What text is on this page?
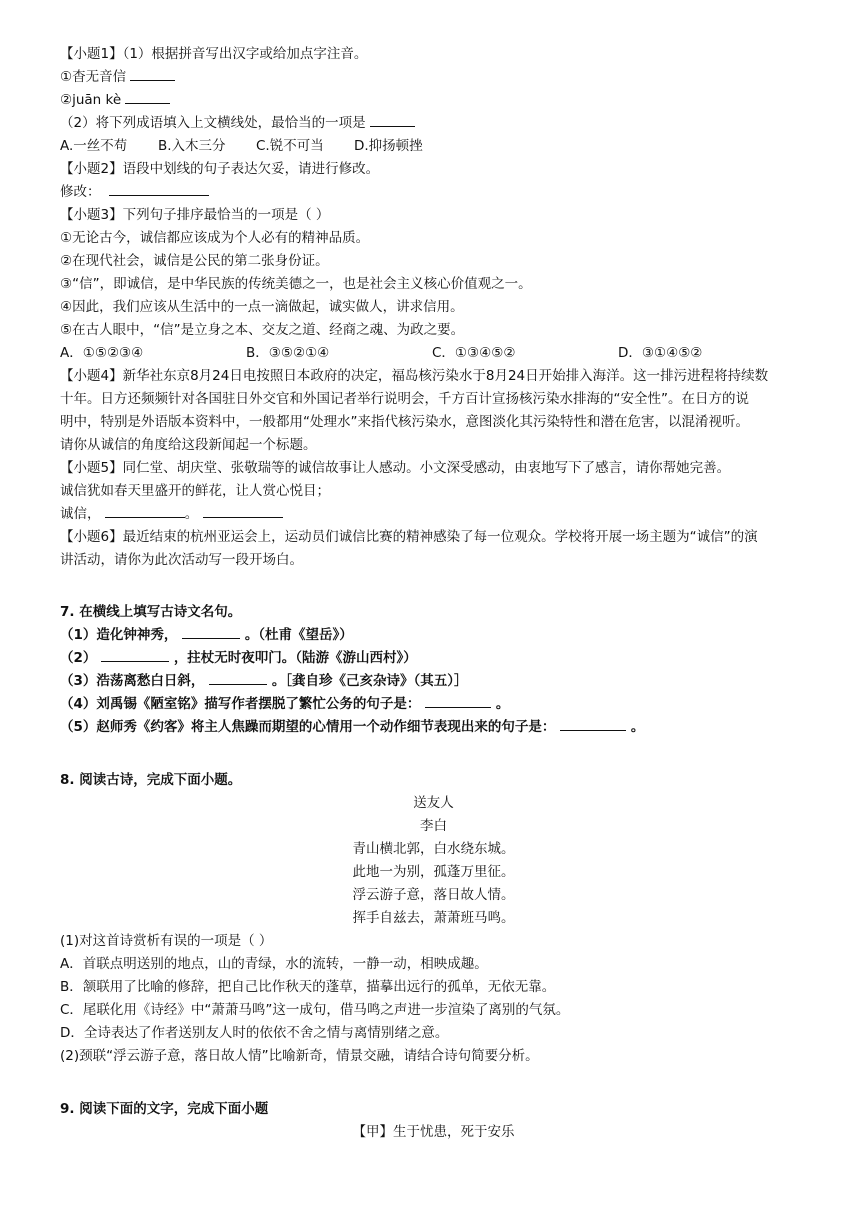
【小题1】（1）根据拼音写出汉字或给加点字注音。
①杳无音信
②juān kè
（2）将下列成语填入上文横线处，最恰当的一项是
A.一丝不苟 B.入木三分 C.锐不可当 D.抑扬顿挫
【小题2】语段中划线的句子表达欠妥，请进行修改。
修改：
【小题3】下列句子排序最恰当的一项是（ ）
①无论古今，诚信都应该成为个人必有的精神品质。
②在现代社会，诚信是公民的第二张身份证。
③“信”，即诚信，是中华民族的传统美德之一，也是社会主义核心价值观之一。
④因此，我们应该从生活中的一点一滴做起，诚实做人，讲求信用。
⑤在古人眼中，“信”是立身之本、交友之道、经商之魂、为政之要。
A．①⑤②③④	B．③⑤②①④	C．①③④⑤②	D．③①④⑤②
【小题4】新华社东京8月24日电按照日本政府的决定，福岛核污染水于8月24日开始排入海洋。这一排污进程将持续数
十年。日方还频频针对各国驻日外交官和外国记者举行说明会，千方百计宣扬核污染水排海的“安全性”。在日方的说
明中，特别是外语版本资料中，一般都用“处理水”来指代核污染水，意图淡化其污染特性和潜在危害，以混淆视听。
请你从诚信的角度给这段新闻起一个标题。
【小题5】同仁堂、胡庆堂、张敬瑞等的诚信故事让人感动。小文深受感动，由衷地写下了感言，请你帮她完善。
诚信犹如春天里盛开的鲜花，让人赏心悦目；
诚信，	。
【小题6】最近结束的杭州亚运会上，运动员们诚信比赛的精神感染了每一位观众。学校将开展一场主题为“诚信”的演
讲活动，请你为此次活动写一段开场白。
7. 在横线上填写古诗文名句。
（1）造化钟神秀，	。（杜甫《望岳》）
（2）	，拄杖无时夜叩门。（陆游《游山西村》）
（3）浩荡离愁白日斜，	。［龚自珍《己亥杂诗》（其五）］
（4）刘禹锡《陋室铭》描写作者摆脱了繁忙公务的句子是：	。
（5）赵师秀《约客》将主人焦躁而期望的心情用一个动作细节表现出来的句子是：	。
8. 阅读古诗，完成下面小题。
送友人
李白
青山横北郭，白水绕东城。
此地一为别，孤蓬万里征。
浮云游子意，落日故人情。
挥手自兹去，萧萧班马鸣。
(1)对这首诗赏析有误的一项是（ ）
A．首联点明送别的地点，山的青绿，水的流转，一静一动，相映成趣。
B．颔联用了比喻的修辞，把自己比作秋天的蓬草，描摹出远行的孤单，无依无靠。
C．尾联化用《诗经》中“萧萧马鸣”这一成句，借马鸣之声进一步渲染了离别的气氛。
D．全诗表达了作者送别友人时的依依不舍之情与离情别绪之意。
(2)颈联“浮云游子意，落日故人情”比喻新奇，情景交融，请结合诗句简要分析。
9. 阅读下面的文字，完成下面小题
【甲】生于忧患，死于安乐
